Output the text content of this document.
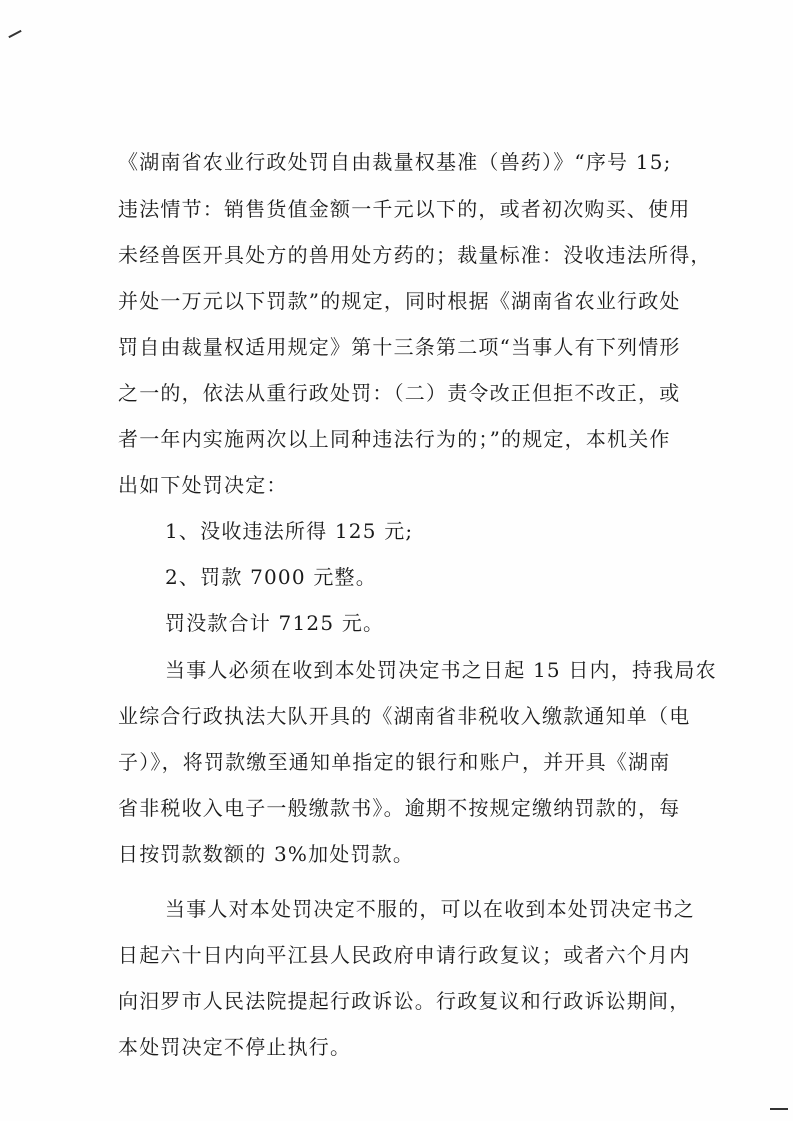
《湖南省农业行政处罚自由裁量权基准（兽药）》“序号 15;
违法情节：销售货值金额一千元以下的，或者初次购买、使用
未经兽医开具处方的兽用处方药的；裁量标准：没收违法所得，
并处一万元以下罚款”的规定，同时根据《湖南省农业行政处
罚自由裁量权适用规定》第十三条第二项“当事人有下列情形
之一的，依法从重行政处罚：（二）责令改正但拒不改正，或
者一年内实施两次以上同种违法行为的；”的规定，本机关作
出如下处罚决定：
1、没收违法所得 125 元;
2、罚款 7000 元整。
罚没款合计 7125 元。
当事人必须在收到本处罚决定书之日起 15 日内，持我局农
业综合行政执法大队开具的《湖南省非税收入缴款通知单（电
子）》，将罚款缴至通知单指定的银行和账户，并开具《湖南
省非税收入电子一般缴款书》。逾期不按规定缴纳罚款的，每
日按罚款数额的 3%加处罚款。
当事人对本处罚决定不服的，可以在收到本处罚决定书之
日起六十日内向平江县人民政府申请行政复议；或者六个月内
向汨罗市人民法院提起行政诉讼。行政复议和行政诉讼期间，
本处罚决定不停止执行。
